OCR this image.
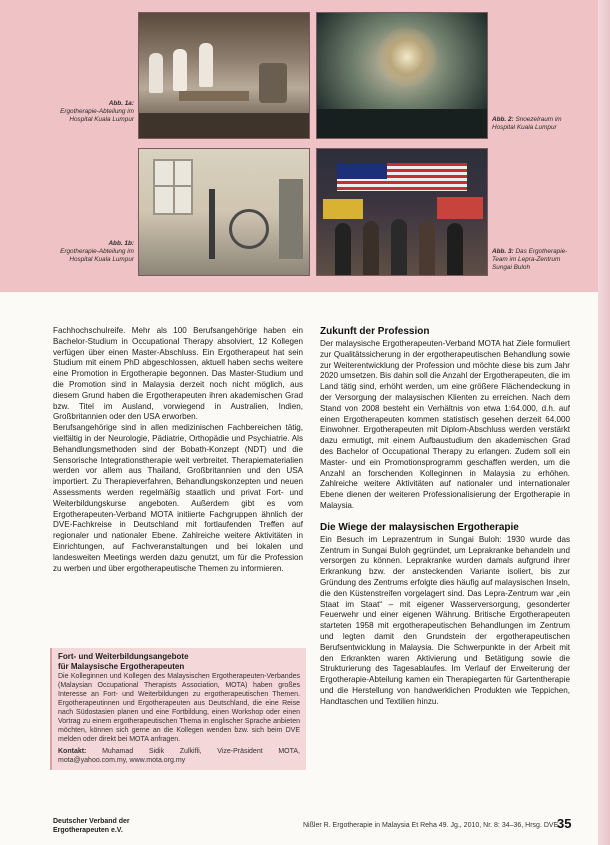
Abb. 1a:
Ergotherapie-Abteilung im Hospital Kuala Lumpur	Abb. 2: Snoezelraum im Hospital Kuala Lumpur
Abb. 1b:
Ergotherapie-Abteilung im Hospital Kuala Lumpur
Abb. 3: Das Ergotherapie-Team im Lepra-Zentrum Sungai Buloh

Fachhochschulreife. Mehr als 100 Berufsangehörige haben ein Bachelor-Studium in Occupational Therapy absolviert, 12 Kollegen verfügen über einen Master-Abschluss. Ein Ergotherapeut hat sein Studium mit einem PhD abgeschlossen, aktuell haben sechs weitere eine Promotion in Ergotherapie begonnen. Das Master-Studium und die Promotion sind in Malaysia derzeit noch nicht möglich, aus diesem Grund haben die Ergotherapeuten ihren akademischen Grad bzw. Titel im Ausland, vorwiegend in Australien, Indien, Großbritannien oder den USA erworben.

Berufsangehörige sind in allen medizinischen Fachbereichen tätig, vielfältig in der Neurologie, Pädiatrie, Orthopädie und Psychiatrie. Als Behandlungsmethoden sind der Bobath-Konzept (NDT) und die Sensorische Integrationstherapie weit verbreitet. Therapiematerialien werden vor allem aus Thailand, Großbritannien und den USA importiert. Zu Therapieverfahren, Behandlungskonzepten und neuen Assessments werden regelmäßig staatlich und privat Fort- und Weiterbildungskurse angeboten. Außerdem gibt es vom Ergotherapeuten-Verband MOTA initiierte Fachgruppen ähnlich der DVE-Fachkreise in Deutschland mit fortlaufenden Treffen auf regionaler und nationaler Ebene. Zahlreiche weitere Aktivitäten in Einrichtungen, auf Fachveranstaltungen und bei lokalen und landesweiten Meetings werden dazu genutzt, um für die Profession zu werben und über ergotherapeutische Themen zu informieren.

Fort- und Weiterbildungsangebote
für Malaysische Ergotherapeuten
Die Kolleginnen und Kollegen des Malaysischen Ergotherapeuten-Verbandes (Malaysian Occupational Therapists Association, MOTA) haben großes Interesse an Fort- und Weiterbildungen zu ergotherapeutischen Themen. Ergotherapeutinnen und Ergotherapeuten aus Deutschland, die eine Reise nach Südostasien planen und eine Fortbildung, einen Workshop oder einen Vortrag zu einem ergotherapeutischen Thema in englischer Sprache anbieten möchten, können sich gerne an die Kollegen wenden bzw. sich beim DVE melden oder direkt bei MOTA anfragen.
Kontakt: Muhamad Sidik Zulkifli, Vize-Präsident MOTA, mota@yahoo.com.my, www.mota.org.my
Zukunft der Profession

Der malaysische Ergotherapeuten-Verband MOTA hat Ziele formuliert zur Qualitätssicherung in der ergotherapeutischen Behandlung sowie zur Weiterentwicklung der Profession und möchte diese bis zum Jahr 2020 umsetzen. Bis dahin soll die Anzahl der Ergotherapeuten, die im Land tätig sind, erhöht werden, um eine größere Flächendeckung in der Versorgung der malaysischen Klienten zu erreichen. Nach dem Stand von 2008 besteht ein Verhältnis von etwa 1:64.000, d.h. auf einen Ergotherapeuten kommen statistisch gesehen derzeit 64.000 Einwohner. Ergotherapeuten mit Diplom-Abschluss werden verstärkt dazu ermutigt, mit einem Aufbaustudium den akademischen Grad des Bachelor of Occupational Therapy zu erlangen. Zudem soll ein Master- und ein Promotionsprogramm geschaffen werden, um die Anzahl an forschenden Kolleginnen in Malaysia zu erhöhen. Zahlreiche weitere Aktivitäten auf nationaler und internationaler Ebene dienen der weiteren Professionalisierung der Ergotherapie in Malaysia.

Die Wiege der malaysischen Ergotherapie

Ein Besuch im Leprazentrum in Sungai Buloh: 1930 wurde das Zentrum in Sungai Buloh gegründet, um Leprakranke behandeln und versorgen zu können. Leprakranke wurden damals aufgrund ihrer Erkrankung bzw. der ansteckenden Variante isoliert, bis zur Gründung des Zentrums erfolgte dies häufig auf malaysischen Inseln, die den Küstenstreifen vorgelagert sind. Das Lepra-Zentrum war „ein Staat im Staat“ – mit eigener Wasserversorgung, gesonderter Feuerwehr und einer eigenen Währung. Britische Ergotherapeuten starteten 1958 mit ergotherapeutischen Behandlungen im Zentrum und legten damit den Grundstein der ergotherapeutischen Berufsentwicklung in Malaysia. Die Schwerpunkte in der Arbeit mit den Erkrankten waren Aktivierung und Betätigung sowie die Strukturierung des Tagesablaufes. Im Verlauf der Erweiterung der Ergotherapie-Abteilung kamen ein Therapiegarten für Gartentherapie und die Herstellung von handwerklichen Produkten wie Teppichen, Handtaschen und Textilien hinzu.

Deutscher Verband der
Ergotherapeuten e.V.
Nißler R. Ergotherapie in Malaysia Et Reha 49. Jg., 2010, Nr. 8: 34–36, Hrsg. DVE
35
